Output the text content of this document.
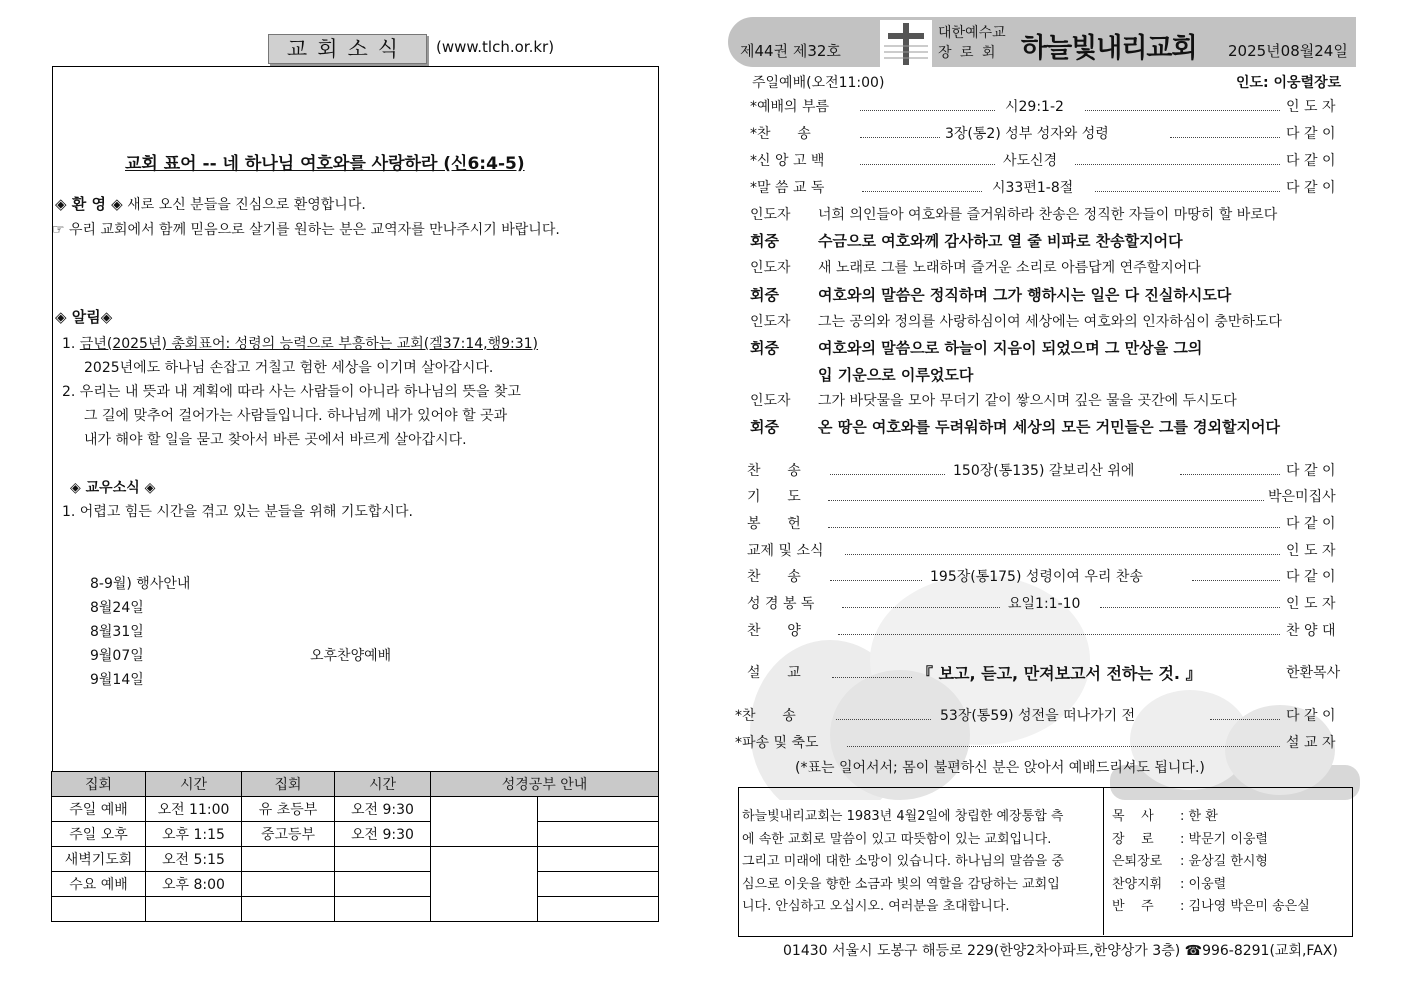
교회소식	(www.tlch.or.kr)
교회 표어 -- 네 하나님 여호와를 사랑하라 (신6:4-5)
◈ 환 영 ◈ 새로 오신 분들을 진심으로 환영합니다.
☞ 우리 교회에서 함께 믿음으로 살기를 원하는 분은 교역자를 만나주시기 바랍니다.
◈ 알림◈
1. 금년(2025년) 총회표어: 성령의 능력으로 부흥하는 교회(겔37:14,행9:31)
2025년에도 하나님 손잡고 거칠고 험한 세상을 이기며 살아갑시다.
2. 우리는 내 뜻과 내 계획에 따라 사는 사람들이 아니라 하나님의 뜻을 찾고
그 길에 맞추어 걸어가는 사람들입니다. 하나님께 내가 있어야 할 곳과
내가 해야 할 일을 묻고 찾아서 바른 곳에서 바르게 살아갑시다.
◈ 교우소식 ◈
1. 어렵고 힘든 시간을 겪고 있는 분들을 위해 기도합시다.
8-9월) 행사안내
8월24일
8월31일
9월07일	오후찬양예배
9월14일
집회	시간	집회	시간	성경공부 안내	
주일 예배	오전 11:00	유 초등부	오전 9:30		
주일 오후	오후 1:15	중고등부	오전 9:30		
새벽기도회	오전 5:15				
수요 예배	오후 8:00				

제44권 제32호
대한예수교
장 로 회 하늘빛내리교회 2025년08월24일
주일예배(오전11:00)	인도: 이웅렬장로
*예배의 부름	시29:1-2	인 도 자
*찬      송	3장(통2) 성부 성자와 성령	다 같 이
*신 앙 고 백	사도신경	다 같 이
*말 씀 교 독	시33편1-8절	다 같 이
인도자 너희 의인들아 여호와를 즐거워하라 찬송은 정직한 자들이 마땅히 할 바로다
회중	수금으로 여호와께 감사하고 열 줄 비파로 찬송할지어다
인도자 새 노래로 그를 노래하며 즐거운 소리로 아름답게 연주할지어다
회중	여호와의 말씀은 정직하며 그가 행하시는 일은 다 진실하시도다
인도자 그는 공의와 정의를 사랑하심이여 세상에는 여호와의 인자하심이 충만하도다
회중	여호와의 말씀으로 하늘이 지음이 되었으며 그 만상을 그의
입 기운으로 이루었도다
인도자 그가 바닷물을 모아 무더기 같이 쌓으시며 깊은 물을 곳간에 두시도다
회중	온 땅은 여호와를 두려워하며 세상의 모든 거민들은 그를 경외할지어다
찬      송	150장(통135) 갈보리산 위에	다 같 이
기      도	박은미집사
봉      헌	다 같 이
교제 및 소식	인 도 자
찬      송	195장(통175) 성령이여 우리 찬송	다 같 이
성 경 봉 독	요일1:1-10	인 도 자
찬      양	찬 양 대
설      교	『 보고, 듣고, 만져보고서 전하는 것. 』	한환목사
*찬      송	53장(통59) 성전을 떠나가기 전	다 같 이
*파송 및 축도	설 교 자
(*표는 일어서서; 몸이 불편하신 분은 앉아서 예배드리셔도 됩니다.)
하늘빛내리교회는 1983년 4월2일에 창립한 예장통합 측
에 속한 교회로 말씀이 있고 따뜻함이 있는 교회입니다.
그리고 미래에 대한 소망이 있습니다. 하나님의 말씀을 중
심으로 이웃을 향한 소금과 빛의 역할을 감당하는 교회입
니다. 안심하고 오십시오. 여러분을 초대합니다.
목    사 : 한 환
장    로 : 박문기 이웅렬
은퇴장로 : 윤상길 한시형
찬양지휘 : 이웅렬
반    주 : 김나영 박은미 송은실
01430 서울시 도봉구 해등로 229(한양2차아파트,한양상가 3층) ☎996-8291(교회,FAX)
